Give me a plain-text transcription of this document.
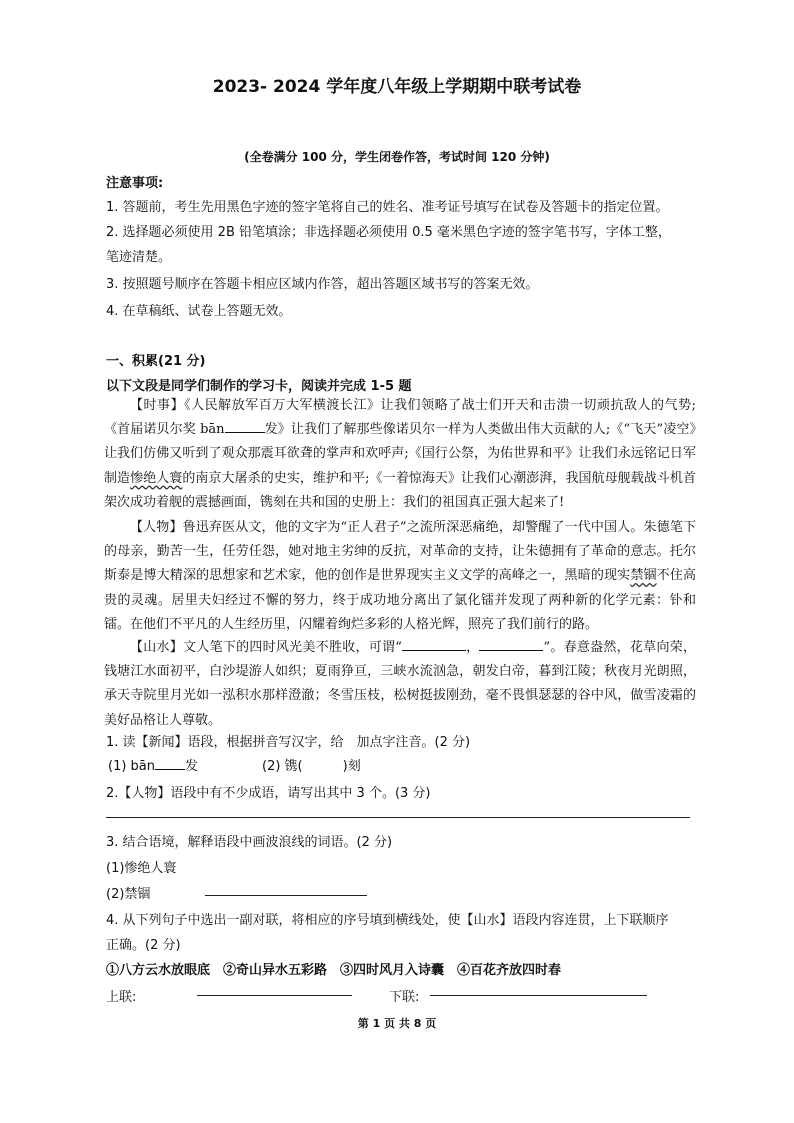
2023- 2024 学年度八年级上学期期中联考试卷
(全卷满分 100 分，学生闭卷作答，考试时间 120 分钟)
注意事项:
1. 答题前，考生先用黑色字迹的签字笔将自己的姓名、准考证号填写在试卷及答题卡的指定位置。
2. 选择题必须使用 2B 铅笔填涂；非选择题必须使用 0.5 毫米黑色字迹的签字笔书写，字体工整，
笔迹清楚。
3. 按照题号顺序在答题卡相应区域内作答，超出答题区域书写的答案无效。
4. 在草稿纸、试卷上答题无效。
一、积累(21 分)
以下文段是同学们制作的学习卡，阅读并完成 1-5 题
【时事】《人民解放军百万大军横渡长江》让我们领略了战士们开天和击溃一切顽抗敌人的气势;《首届诺贝尔奖 bān	发》让我们了解那些像诺贝尔一样为人类做出伟大贡献的人;《“飞天”凌空》让我们仿佛又听到了观众那震耳欲聋的掌声和欢呼声;《国行公祭，为佑世界和平》让我们永远铭记日军制造惨绝人寰的南京大屠杀的史实，维护和平;《一着惊海天》让我们心潮澎湃，我国航母舰载战斗机首架次成功着舰的震撼画面，镌刻在共和国的史册上：我们的祖国真正强大起来了!
【人物】鲁迅弃医从文，他的文字为“正人君子”之流所深恶痛绝，却警醒了一代中国人。朱德笔下的母亲，勤苦一生，任劳任怨，她对地主劣绅的反抗，对革命的支持，让朱德拥有了革命的意志。托尔斯泰是博大精深的思想家和艺术家，他的创作是世界现实主义文学的高峰之一，黑暗的现实禁锢不住高贵的灵魂。居里夫妇经过不懈的努力，终于成功地分离出了氯化镭并发现了两种新的化学元素：钋和镭。在他们不平凡的人生经历里，闪耀着绚烂多彩的人格光辉，照亮了我们前行的路。
【山水】文人笔下的四时风光美不胜收，可谓“	，	”。春意盎然，花草向荣，钱塘江水面初平，白沙堤游人如织；夏雨狰亘，三峡水流汹急，朝发白帝，暮到江陵；秋夜月光朗照，承天寺院里月光如一泓积水那样澄澈；冬雪压枝，松树挺拔刚劲，毫不畏惧瑟瑟的谷中风，做雪凌霜的美好品格让人尊敬。
1. 读【新闻】语段，根据拼音写汉字，给　加点字注音。(2 分)
(1) bān 发	(2) 镌(	)刻
2.【人物】语段中有不少成语，请写出其中 3 个。(3 分)
3. 结合语境，解释语段中画波浪线的词语。(2 分)
(1)惨绝人寰
(2)禁锢
4. 从下列句子中选出一副对联，将相应的序号填到横线处，使【山水】语段内容连贯，上下联顺序
正确。(2 分)
①八方云水放眼底　②奇山异水五彩路　③四时风月入诗囊　④百花齐放四时春
上联:	下联:
第 1 页 共 8 页
